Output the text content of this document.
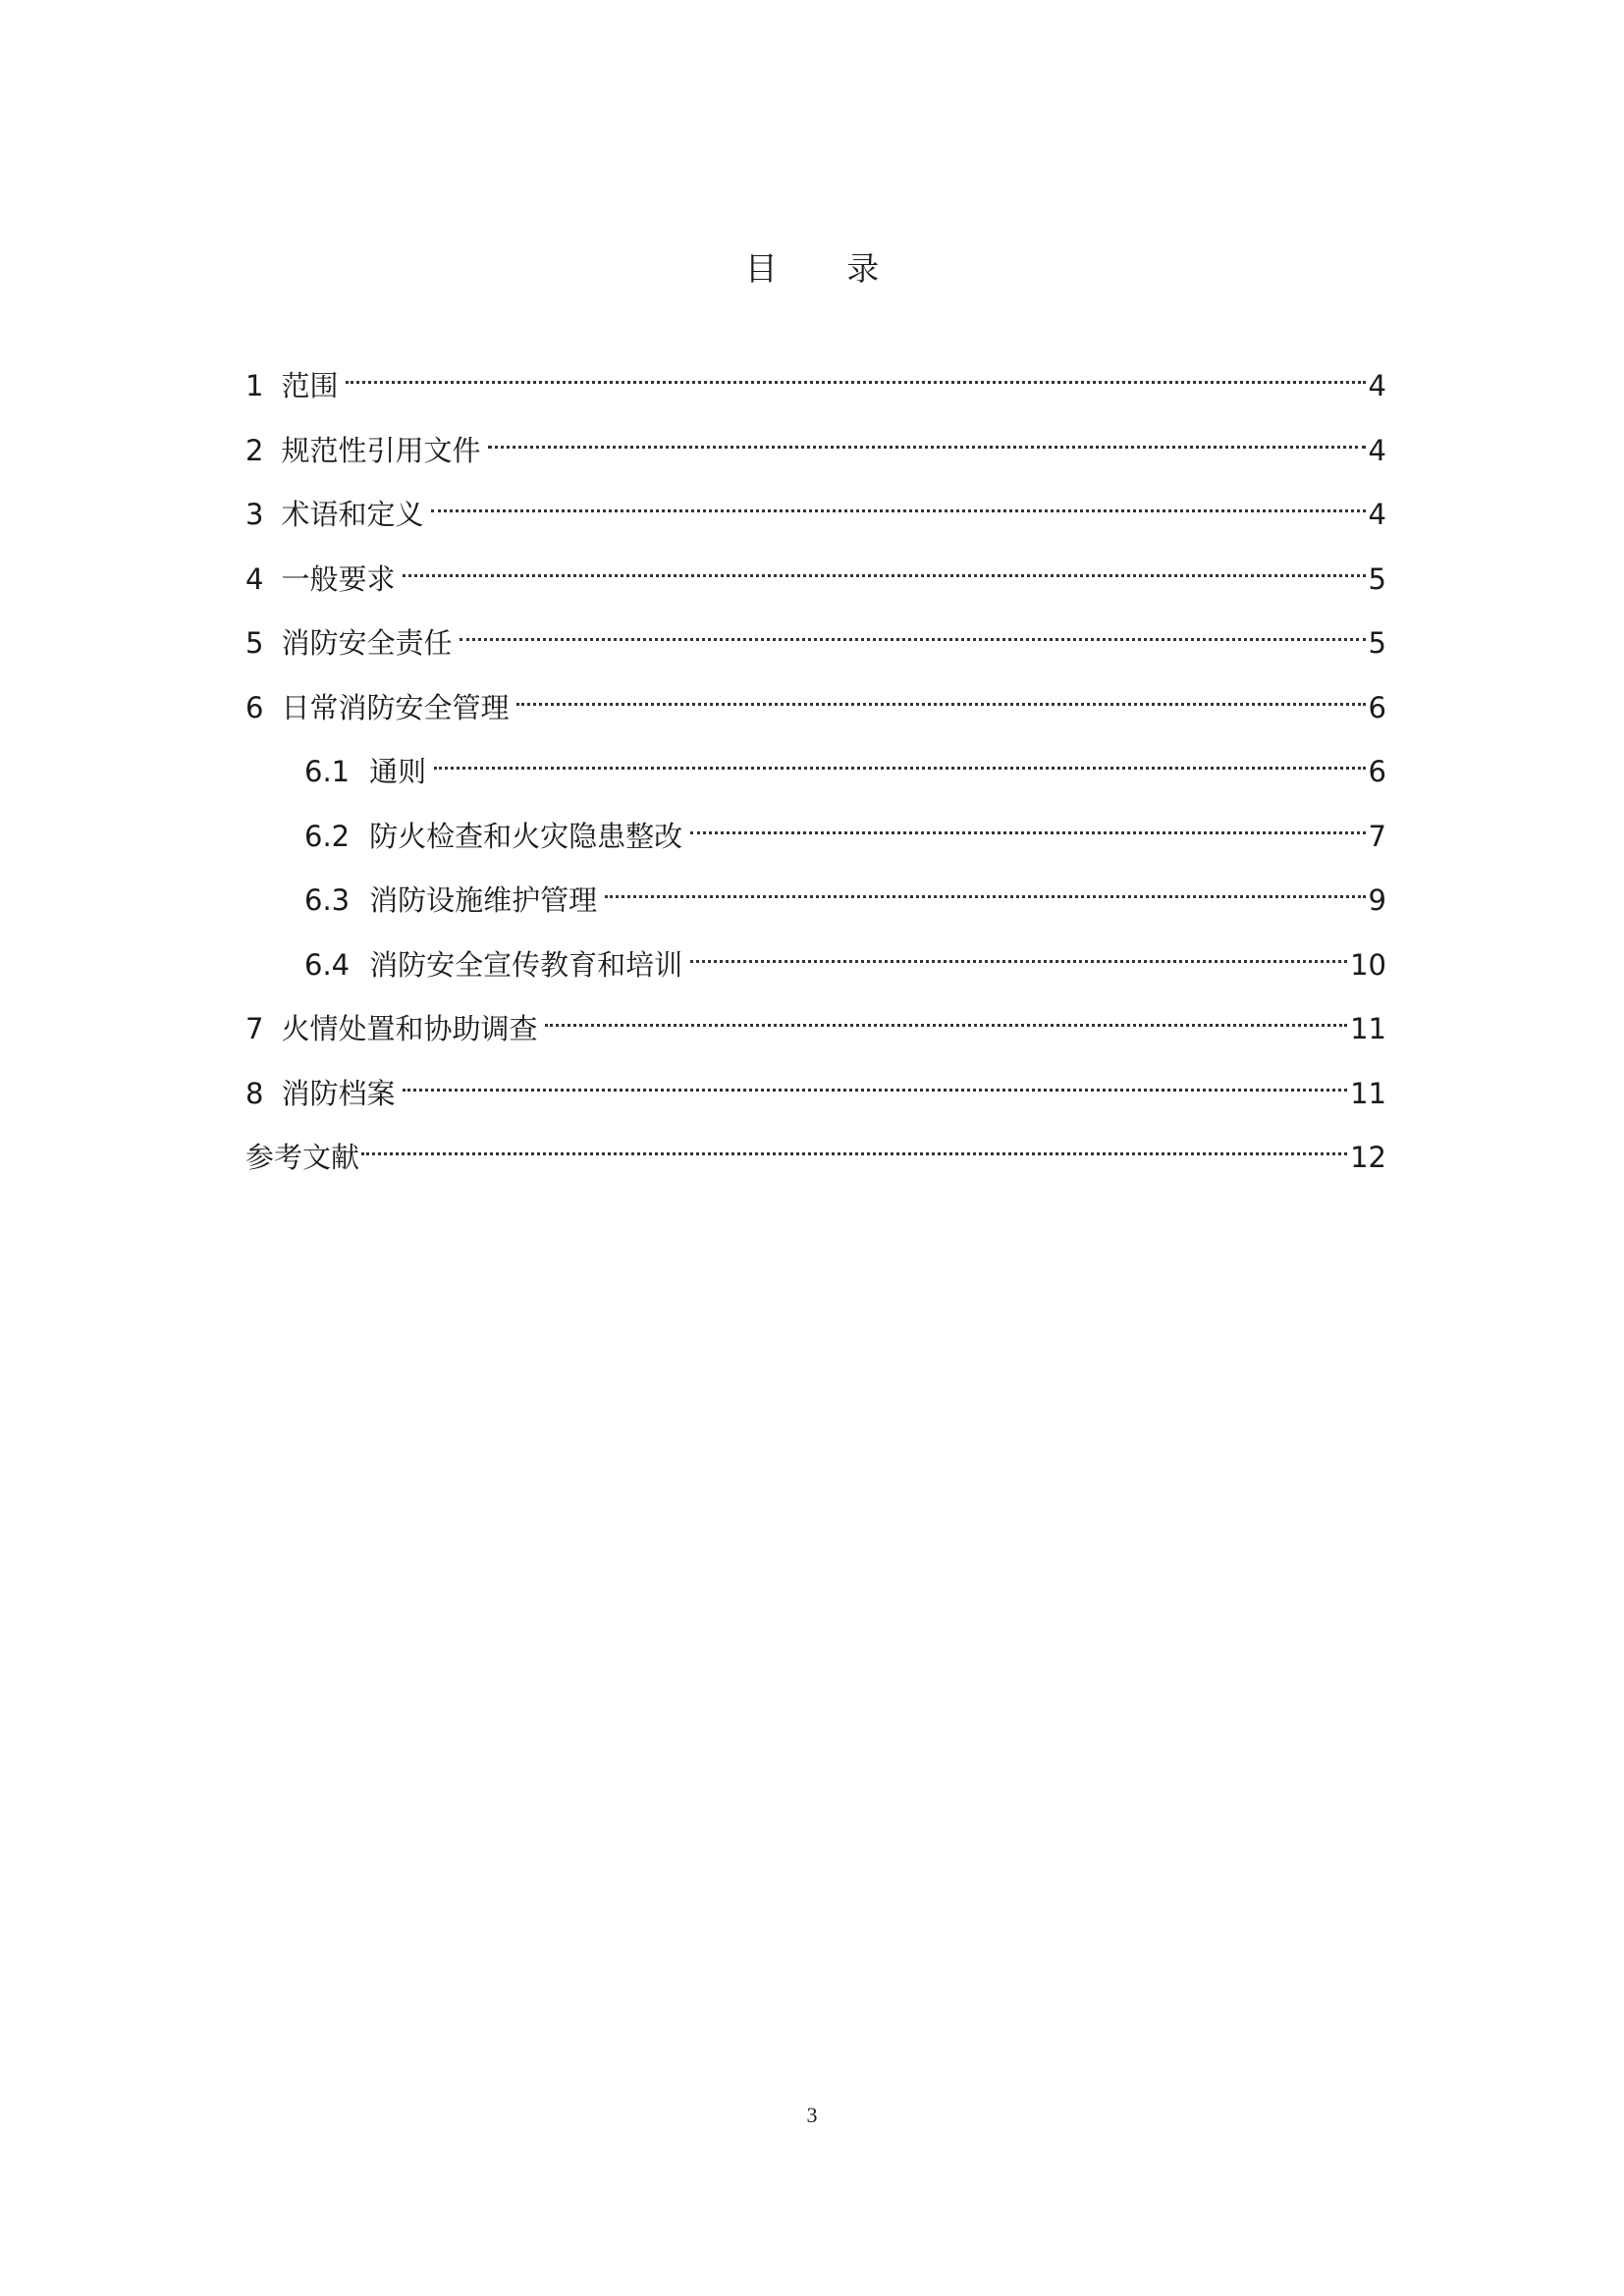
目 录
1 范围	4
2 规范性引用文件	4
3 术语和定义	4
4 一般要求	5
5 消防安全责任	5
6 日常消防安全管理	6
6.1 通则	6
6.2 防火检查和火灾隐患整改	7
6.3 消防设施维护管理	9
6.4 消防安全宣传教育和培训	10
7 火情处置和协助调查	11
8 消防档案	11
参考文献	12
3
